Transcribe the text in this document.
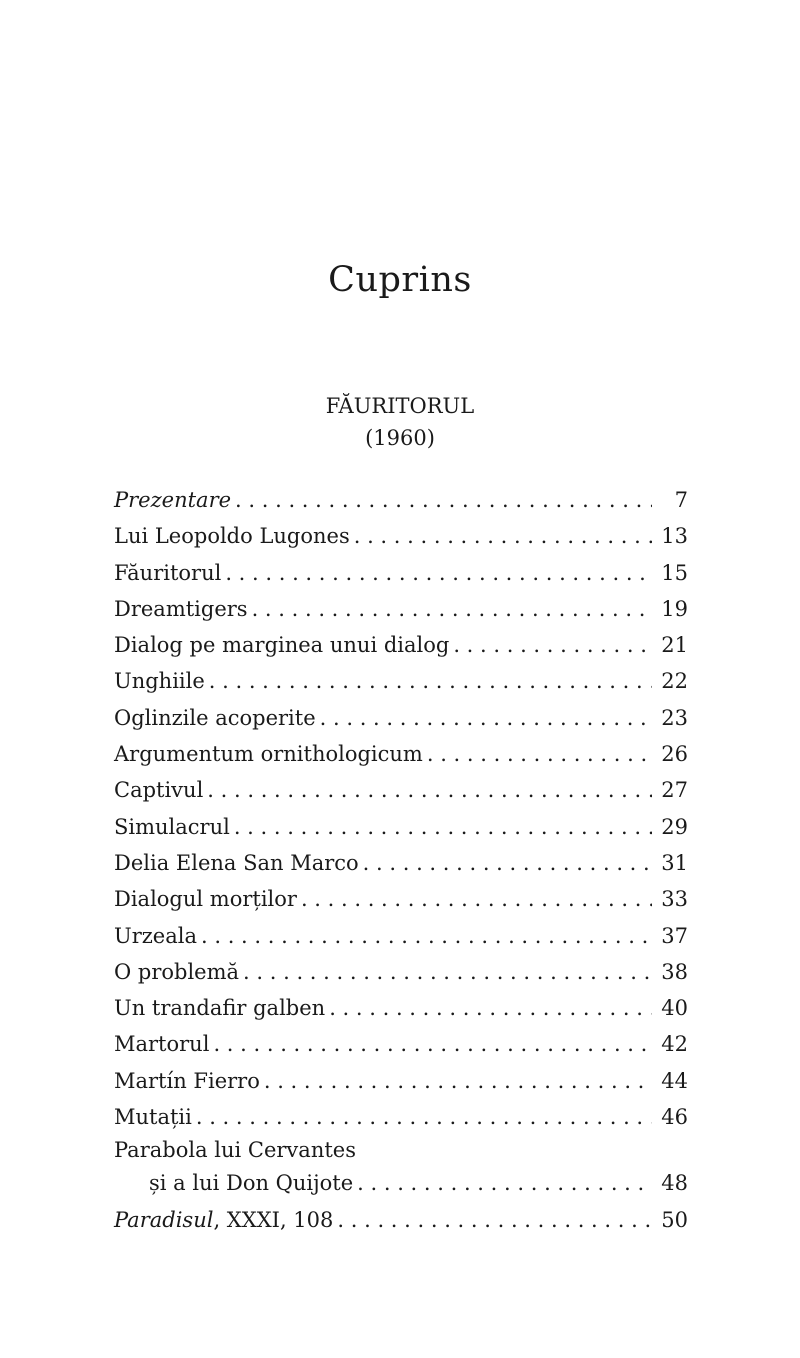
Cuprins
FĂURITORUL
(1960)
Prezentare . . .	7
Lui Leopoldo Lugones . . .	13
Făuritorul . . .	15
Dreamtigers . . .	19
Dialog pe marginea unui dialog . . .	21
Unghiile . . .	22
Oglinzile acoperite . . .	23
Argumentum ornithologicum . . .	26
Captivul . . .	27
Simulacrul . . .	29
Delia Elena San Marco . . .	31
Dialogul morților . . .	33
Urzeala . . .	37
O problemă . . .	38
Un trandafir galben . . .	40
Martorul . . .	42
Martín Fierro . . .	44
Mutații . . .	46
Parabola lui Cervantes
și a lui Don Quijote . . .	48
Paradisul, XXXI, 108 . . .	50
